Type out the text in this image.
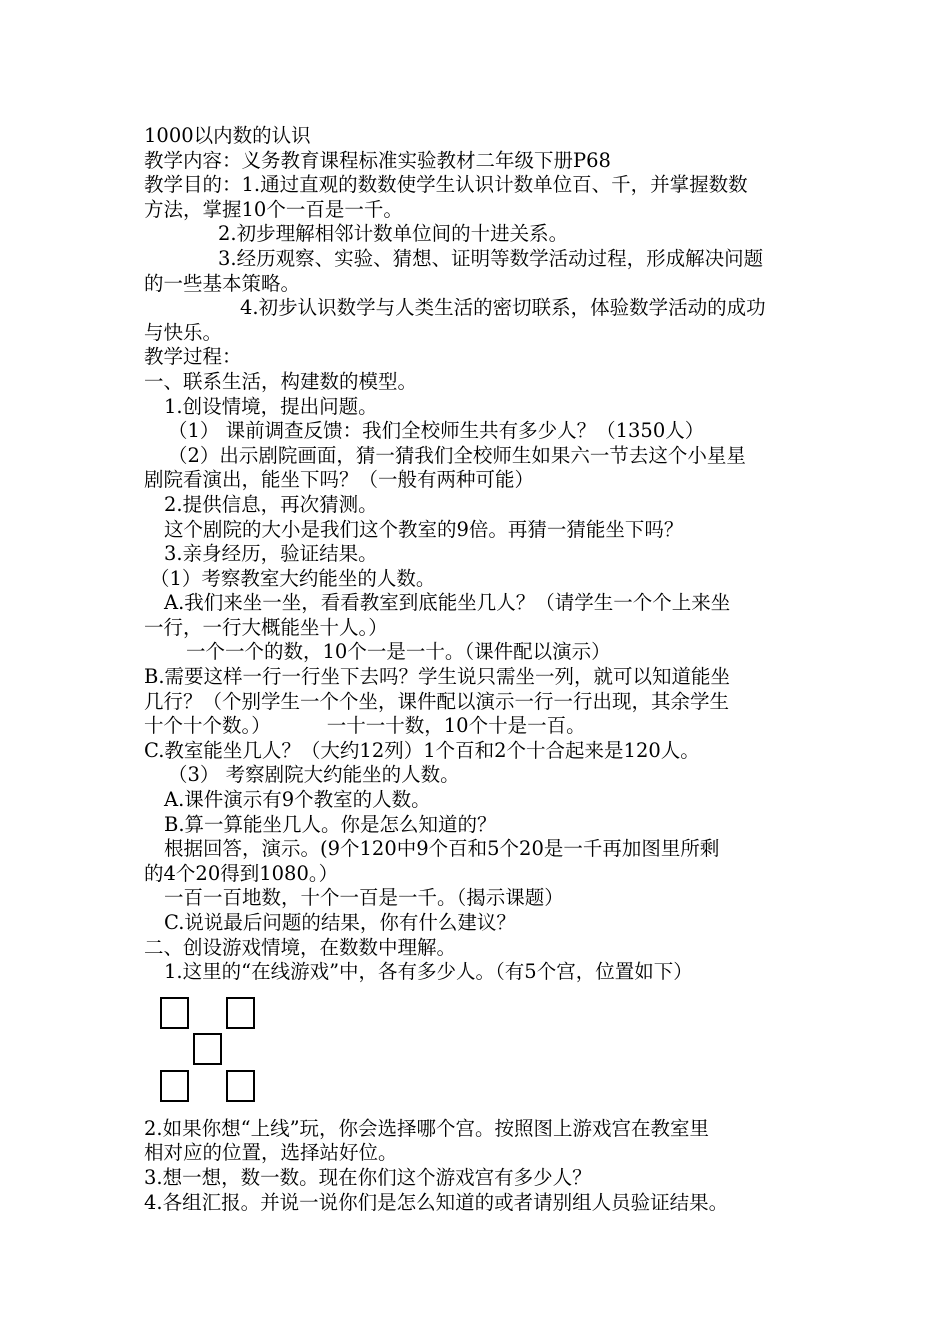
1000以内数的认识
教学内容：义务教育课程标准实验教材二年级下册P68
教学目的：1.通过直观的数数使学生认识计数单位百、千，并掌握数数
方法，掌握10个一百是一千。
2.初步理解相邻计数单位间的十进关系。
3.经历观察、实验、猜想、证明等数学活动过程，形成解决问题
的一些基本策略。
4.初步认识数学与人类生活的密切联系，体验数学活动的成功
与快乐。
教学过程：
一、联系生活，构建数的模型。
1.创设情境，提出问题。
（1） 课前调查反馈：我们全校师生共有多少人？（1350人）
（2）出示剧院画面，猜一猜我们全校师生如果六一节去这个小星星
剧院看演出，能坐下吗？（一般有两种可能）
2.提供信息，再次猜测。
这个剧院的大小是我们这个教室的9倍。再猜一猜能坐下吗？
3.亲身经历，验证结果。
（1）考察教室大约能坐的人数。
A.我们来坐一坐，看看教室到底能坐几人？（请学生一个个上来坐
一行，一行大概能坐十人。）
一个一个的数，10个一是一十。（课件配以演示）
B.需要这样一行一行坐下去吗？学生说只需坐一列，就可以知道能坐
几行？（个别学生一个个坐，课件配以演示一行一行出现，其余学生
十个十个数。）	一十一十数，10个十是一百。
C.教室能坐几人？（大约12列）1个百和2个十合起来是120人。
（3） 考察剧院大约能坐的人数。
A.课件演示有9个教室的人数。
B.算一算能坐几人。你是怎么知道的？
根据回答，演示。(9个120中9个百和5个20是一千再加图里所剩
的4个20得到1080。）
一百一百地数，十个一百是一千。（揭示课题）
C.说说最后问题的结果，你有什么建议？
二、创设游戏情境，在数数中理解。
1.这里的“在线游戏”中，各有多少人。（有5个宫，位置如下）
2.如果你想“上线”玩，你会选择哪个宫。按照图上游戏宫在教室里
相对应的位置，选择站好位。
3.想一想，数一数。现在你们这个游戏宫有多少人？
4.各组汇报。并说一说你们是怎么知道的或者请别组人员验证结果。
